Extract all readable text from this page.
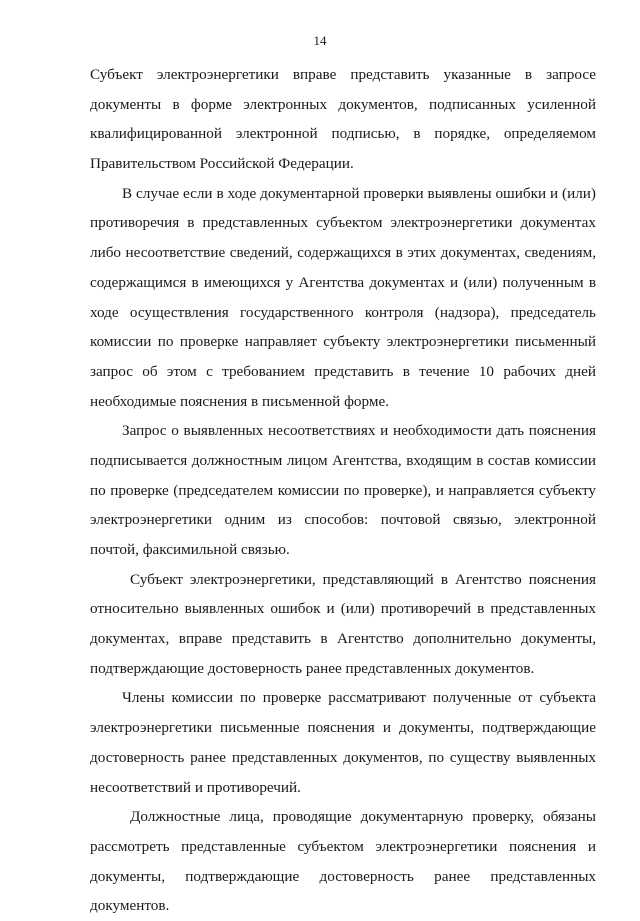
14

Субъект электроэнергетики вправе представить указанные в запросе
документы в форме электронных документов, подписанных усиленной
квалифицированной электронной подписью, в порядке, определяемом
Правительством Российской Федерации.

В случае если в ходе документарной проверки выявлены ошибки и (или)
противоречия в представленных субъектом электроэнергетики документах
либо несоответствие сведений, содержащихся в этих документах, сведениям,
содержащимся в имеющихся у Агентства документах и (или) полученным в
ходе осуществления государственного контроля (надзора), председатель
комиссии по проверке направляет субъекту электроэнергетики письменный
запрос об этом с требованием представить в течение 10 рабочих дней
необходимые пояснения в письменной форме.

Запрос о выявленных несоответствиях и необходимости дать пояснения
подписывается должностным лицом Агентства, входящим в состав комиссии
по проверке (председателем комиссии по проверке), и направляется субъекту
электроэнергетики одним из способов: почтовой связью, электронной
почтой, факсимильной связью.

Субъект электроэнергетики, представляющий в Агентство пояснения
относительно выявленных ошибок и (или) противоречий в представленных
документах, вправе представить в Агентство дополнительно документы,
подтверждающие достоверность ранее представленных документов.

Члены комиссии по проверке рассматривают полученные от субъекта
электроэнергетики письменные пояснения и документы, подтверждающие
достоверность ранее представленных документов, по существу выявленных
несоответствий и противоречий.

Должностные лица, проводящие документарную проверку, обязаны
рассмотреть представленные субъектом электроэнергетики пояснения и
документы, подтверждающие достоверность ранее представленных
документов.
